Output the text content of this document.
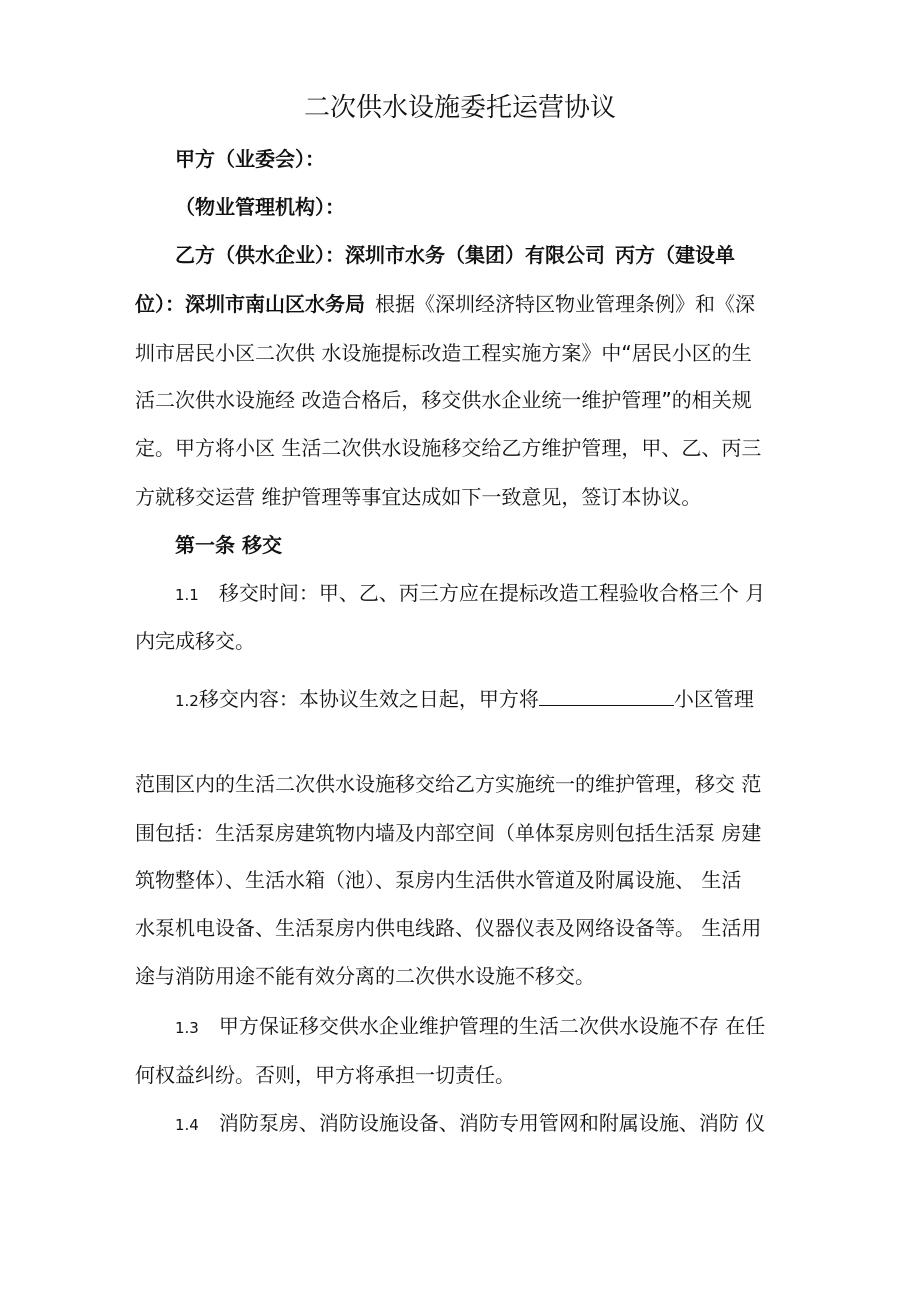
二次供水设施委托运营协议
甲方（业委会）：
（物业管理机构）：
乙方（供水企业）：深圳市水务（集团）有限公司 丙方（建设单
位）：深圳市南山区水务局 根据《深圳经济特区物业管理条例》和《深
圳市居民小区二次供 水设施提标改造工程实施方案》中“居民小区的生
活二次供水设施经 改造合格后，移交供水企业统一维护管理”的相关规
定。甲方将小区 生活二次供水设施移交给乙方维护管理，甲、乙、丙三
方就移交运营 维护管理等事宜达成如下一致意见，签订本协议。
第一条 移交
1.1 移交时间：甲、乙、丙三方应在提标改造工程验收合格三个 月
内完成移交。
1.2移交内容：本协议生效之日起，甲方将	小区管理
范围区内的生活二次供水设施移交给乙方实施统一的维护管理，移交 范
围包括：生活泵房建筑物内墙及内部空间（单体泵房则包括生活泵 房建
筑物整体）、生活水箱（池）、泵房内生活供水管道及附属设施、 生活
水泵机电设备、生活泵房内供电线路、仪器仪表及网络设备等。 生活用
途与消防用途不能有效分离的二次供水设施不移交。
1.3 甲方保证移交供水企业维护管理的生活二次供水设施不存 在任
何权益纠纷。否则，甲方将承担一切责任。
1.4 消防泵房、消防设施设备、消防专用管网和附属设施、消防 仪
